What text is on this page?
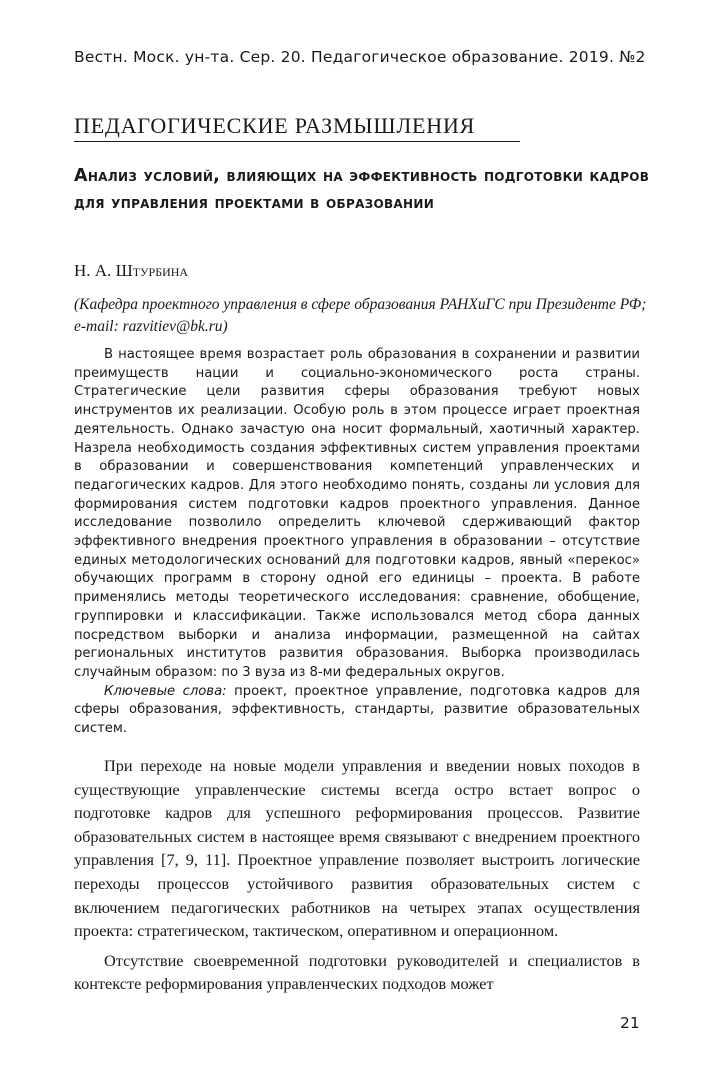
Вестн. Моск. ун-та. Сер. 20. Педагогическое образование. 2019. №2
ПЕДАГОГИЧЕСКИЕ РАЗМЫШЛЕНИЯ
Анализ условий, влияющих на эффективность подготовки кадров для управления проектами в образовании
Н. А. Штурбина
(Кафедра проектного управления в сфере образования РАНХиГС при Президенте РФ; e-mail: razvitiev@bk.ru)

В настоящее время возрастает роль образования в сохранении и развитии преимуществ нации и социально-экономического роста страны. Стратегические цели развития сферы образования требуют новых инструментов их реализации. Особую роль в этом процессе играет проектная деятельность. Однако зачастую она носит формальный, хаотичный характер. Назрела необходимость создания эффективных систем управления проектами в образовании и совершенствования компетенций управленческих и педагогических кадров. Для этого необходимо понять, созданы ли условия для формирования систем подготовки кадров проектного управления. Данное исследование позволило определить ключевой сдерживающий фактор эффективного внедрения проектного управления в образовании – отсутствие единых методологических оснований для подготовки кадров, явный «перекос» обучающих программ в сторону одной его единицы – проекта. В работе применялись методы теоретического исследования: сравнение, обобщение, группировки и классификации. Также использовался метод сбора данных посредством выборки и анализа информации, размещенной на сайтах региональных институтов развития образования. Выборка производилась случайным образом: по 3 вуза из 8-ми федеральных округов.

Ключевые слова: проект, проектное управление, подготовка кадров для сферы образования, эффективность, стандарты, развитие образовательных систем.

При переходе на новые модели управления и введении новых походов в существующие управленческие системы всегда остро встает вопрос о подготовке кадров для успешного реформирования процессов. Развитие образовательных систем в настоящее время связывают с внедрением проектного управления [7, 9, 11]. Проектное управление позволяет выстроить логические переходы процессов устойчивого развития образовательных систем с включением педагогических работников на четырех этапах осуществления проекта: стратегическом, тактическом, оперативном и операционном.

Отсутствие своевременной подготовки руководителей и специалистов в контексте реформирования управленческих подходов может

21
